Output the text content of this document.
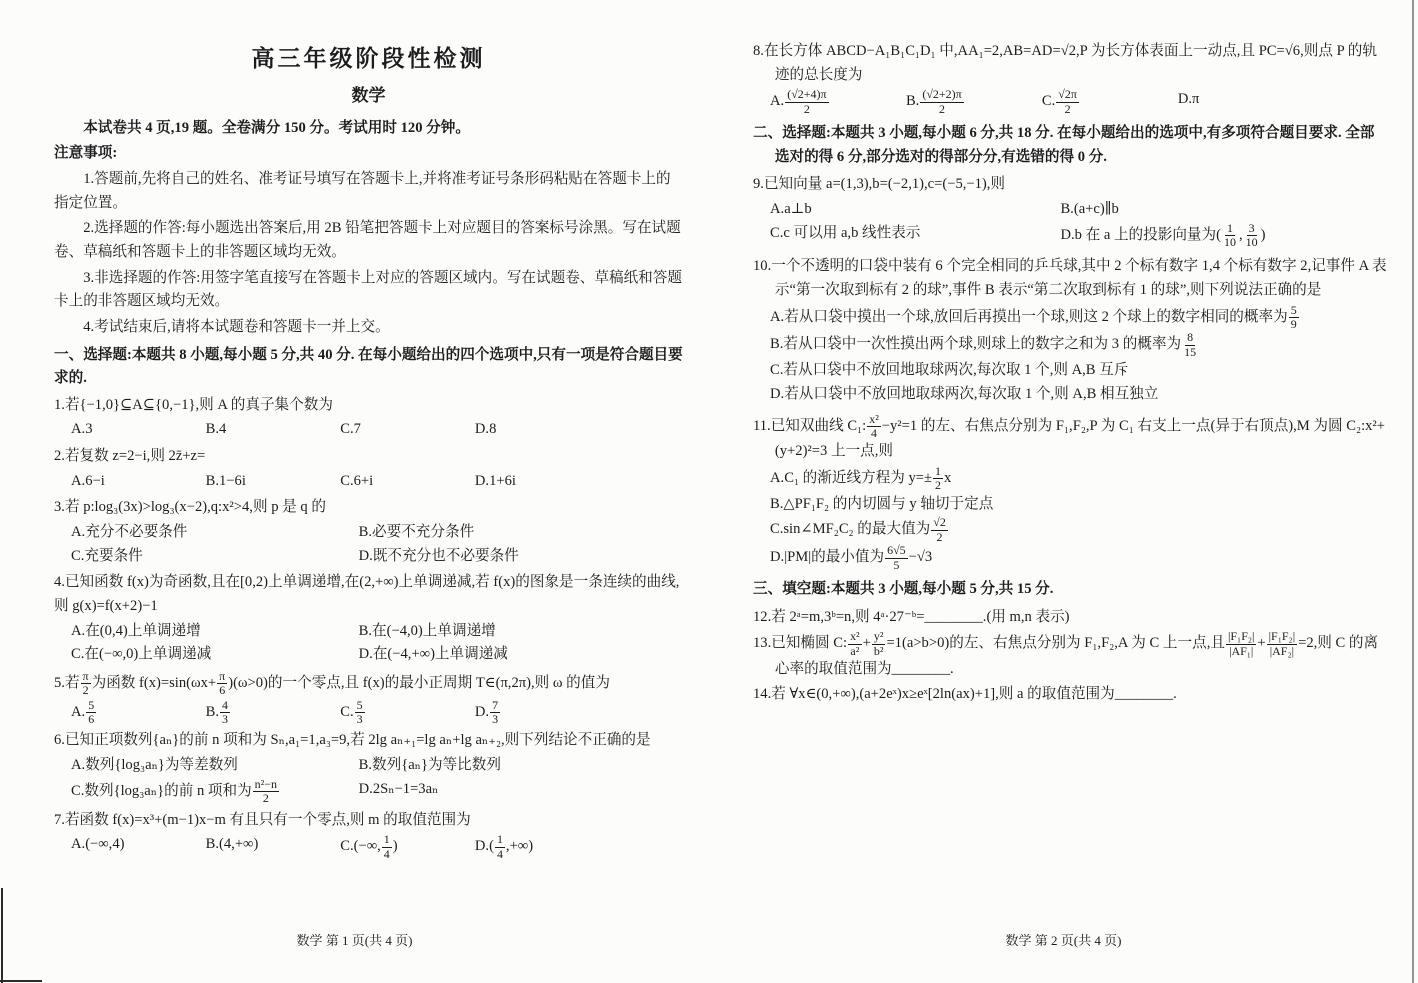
高三年级阶段性检测
数学

本试卷共 4 页,19 题。全卷满分 150 分。考试用时 120 分钟。

注意事项:

1.答题前,先将自己的姓名、准考证号填写在答题卡上,并将准考证号条形码粘贴在答题卡上的指定位置。

2.选择题的作答:每小题选出答案后,用 2B 铅笔把答题卡上对应题目的答案标号涂黑。写在试题卷、草稿纸和答题卡上的非答题区域均无效。

3.非选择题的作答:用签字笔直接写在答题卡上对应的答题区域内。写在试题卷、草稿纸和答题卡上的非答题区域均无效。

4.考试结束后,请将本试题卷和答题卡一并上交。

一、选择题:本题共 8 小题,每小题 5 分,共 40 分. 在每小题给出的四个选项中,只有一项是符合题目要求的.

1.若{−1,0}⊆A⊆{0,−1},则 A 的真子集个数为
A.3	B.4	C.7	D.8
2.若复数 z=2−i,则 2z̄+z=
A.6−i	B.1−6i	C.6+i	D.1+6i
3.若 p:log₃(3x)>log₃(x−2),q:x²>4,则 p 是 q 的
A.充分不必要条件	B.必要不充分条件
C.充要条件	D.既不充分也不必要条件
4.已知函数 f(x)为奇函数,且在[0,2)上单调递增,在(2,+∞)上单调递减,若 f(x)的图象是一条连续的曲线,则 g(x)=f(x+2)−1
A.在(0,4)上单调递增	B.在(−4,0)上单调递增
C.在(−∞,0)上单调递减	D.在(−4,+∞)上单调递减
5.若 $\frac{\pi}{2}$ 为函数 $f(x)=\sin(\omega x+ \frac{\pi}{6} )(\omega>0)$的一个零点,且 f(x)的最小正周期 T∈(π,2π),则 ω 的值为
A. $\frac{5}{6}$	B. $\frac{4}{3}$	C. $\frac{5}{3}$	D. $\frac{7}{3}$
6.已知正项数列{aₙ}的前 n 项和为 Sₙ,a₁=1,a₃=9,若 2lg aₙ₊₁=lg aₙ+lg aₙ₊₂,则下列结论不正确的是
A.数列{log₃aₙ}为等差数列	B.数列{aₙ}为等比数列
C.数列{log₃aₙ}的前 n 项和为 $\frac{\text{n²−n}}{2}$	D.2Sₙ−1=3aₙ
7.若函数 f(x)=x³+(m−1)x−m 有且只有一个零点,则 m 的取值范围为
A.(−∞,4)	B.(4,+∞)	C.(−∞, $\frac{1}{4}$ )	$D.( \frac{1}{4}$ ,+∞)
数学 第 1 页(共 4 页)
8.在长方体 ABCD−A₁B₁C₁D₁ 中,AA₁=2,AB=AD=√2,P 为长方体表面上一动点,且 PC=√6,则点 P 的轨迹的总长度为
A. $\frac{(√2+4)\pi}{2}$	B. $\frac{(√2+2)\pi}{2}$	C. $\frac{√2\pi}{2}$	D.π

二、选择题:本题共 3 小题,每小题 6 分,共 18 分. 在每小题给出的选项中,有多项符合题目要求. 全部选对的得 6 分,部分选对的得部分分,有选错的得 0 分.

9.已知向量 a=(1,3),b=(−2,1),c=(−5,−1),则
A.a⊥b	B.(a+c)∥b
C.c 可以用 a,b 线性表示	D.b 在 a 上的投影向量为( $\frac{1}{10}$ , $\frac{3}{10}$ )
10.一个不透明的口袋中装有 6 个完全相同的乒乓球,其中 2 个标有数字 1,4 个标有数字 2,记事件 A 表示“第一次取到标有 2 的球”,事件 B 表示“第二次取到标有 1 的球”,则下列说法正确的是
A.若从口袋中摸出一个球,放回后再摸出一个球,则这 2 个球上的数字相同的概率为 $\frac{5}{9}$
B.若从口袋中一次性摸出两个球,则球上的数字之和为 3 的概率为 $\frac{8}{15}$
C.若从口袋中不放回地取球两次,每次取 1 个,则 A,B 互斥
D.若从口袋中不放回地取球两次,每次取 1 个,则 A,B 相互独立
11.已知双曲线 C₁: $\frac{\text{x²}}{4} -y^2=1$ 的左、右焦点分别为 F₁,F₂,P 为 C₁ 右支上一点(异于右顶点),M 为圆 C₂:x²+(y+2)²=3 上一点,则
A.C₁ 的渐近线方程为 $y=\pm \frac{1}{2}$ x
B.△PF₁F₂ 的内切圆与 y 轴切于定点
C.sin∠MF₂C₂ 的最大值为 $\frac{√2}{2}$
D.|PM|的最小值为 $\frac{6√5}{5} -√3$

三、填空题:本题共 3 小题,每小题 5 分,共 15 分.

12.若 2ᵃ=m,3ᵇ=n,则 4ᵃ·27⁻ᵇ=________.(用 m,n 表示)

13.已知椭圆 C: $\frac{\text{x²}}{\text{a²}} + \frac{\text{y²}}{\text{b²}} =1(a>b>0)$的左、右焦点分别为 F₁,F₂,A 为 C 上一点,且 $\frac{\text{|F₁F₂|}}{\text{|AF₁|}} + \frac{\text{|F₁F₂|}}{\text{|AF₂|}} =2$,则 C 的离心率的取值范围为________.

14.若 ∀x∈(0,+∞),(a+2eˣ)x≥eˣ[2ln(ax)+1],则 a 的取值范围为________.

数学 第 2 页(共 4 页)
